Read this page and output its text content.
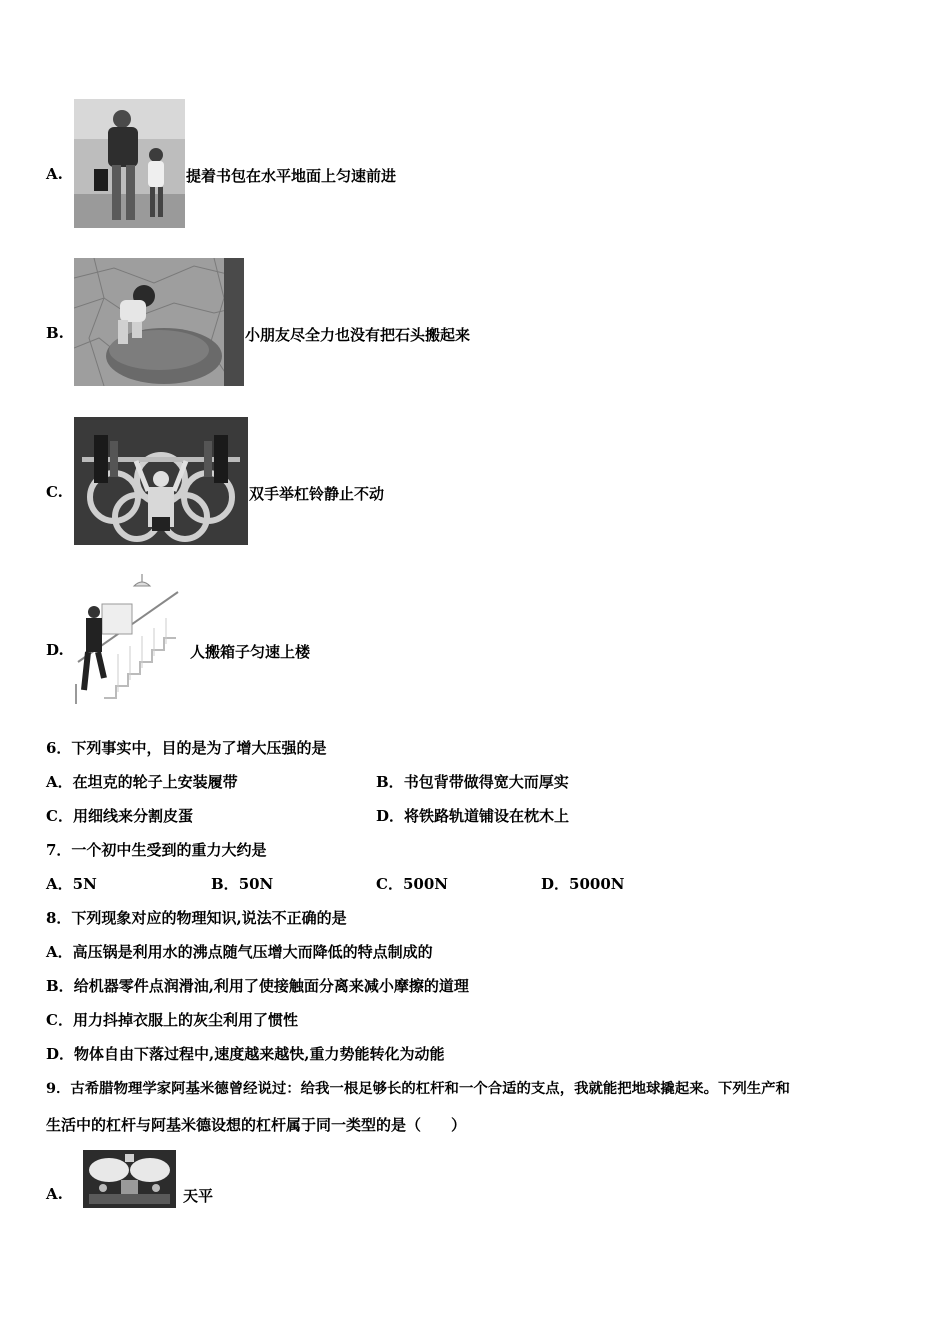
A.	提着书包在水平地面上匀速前进
B.	小朋友尽全力也没有把石头搬起来
C.	双手举杠铃静止不动
D.	人搬箱子匀速上楼
6．下列事实中，目的是为了增大压强的是
A．在坦克的轮子上安装履带	B．书包背带做得宽大而厚实
C．用细线来分割皮蛋	D．将铁路轨道铺设在枕木上
7．一个初中生受到的重力大约是
A．5N	B．50N	C．500N	D．5000N
8．下列现象对应的物理知识,说法不正确的是
A．高压锅是利用水的沸点随气压增大而降低的特点制成的
B．给机器零件点润滑油,利用了使接触面分离来减小摩擦的道理
C．用力抖掉衣服上的灰尘利用了惯性
D．物体自由下落过程中,速度越来越快,重力势能转化为动能
9．古希腊物理学家阿基米德曾经说过：给我一根足够长的杠杆和一个合适的支点，我就能把地球撬起来。下列生产和
生活中的杠杆与阿基米德设想的杠杆属于同一类型的是（　　）
A.	天平
